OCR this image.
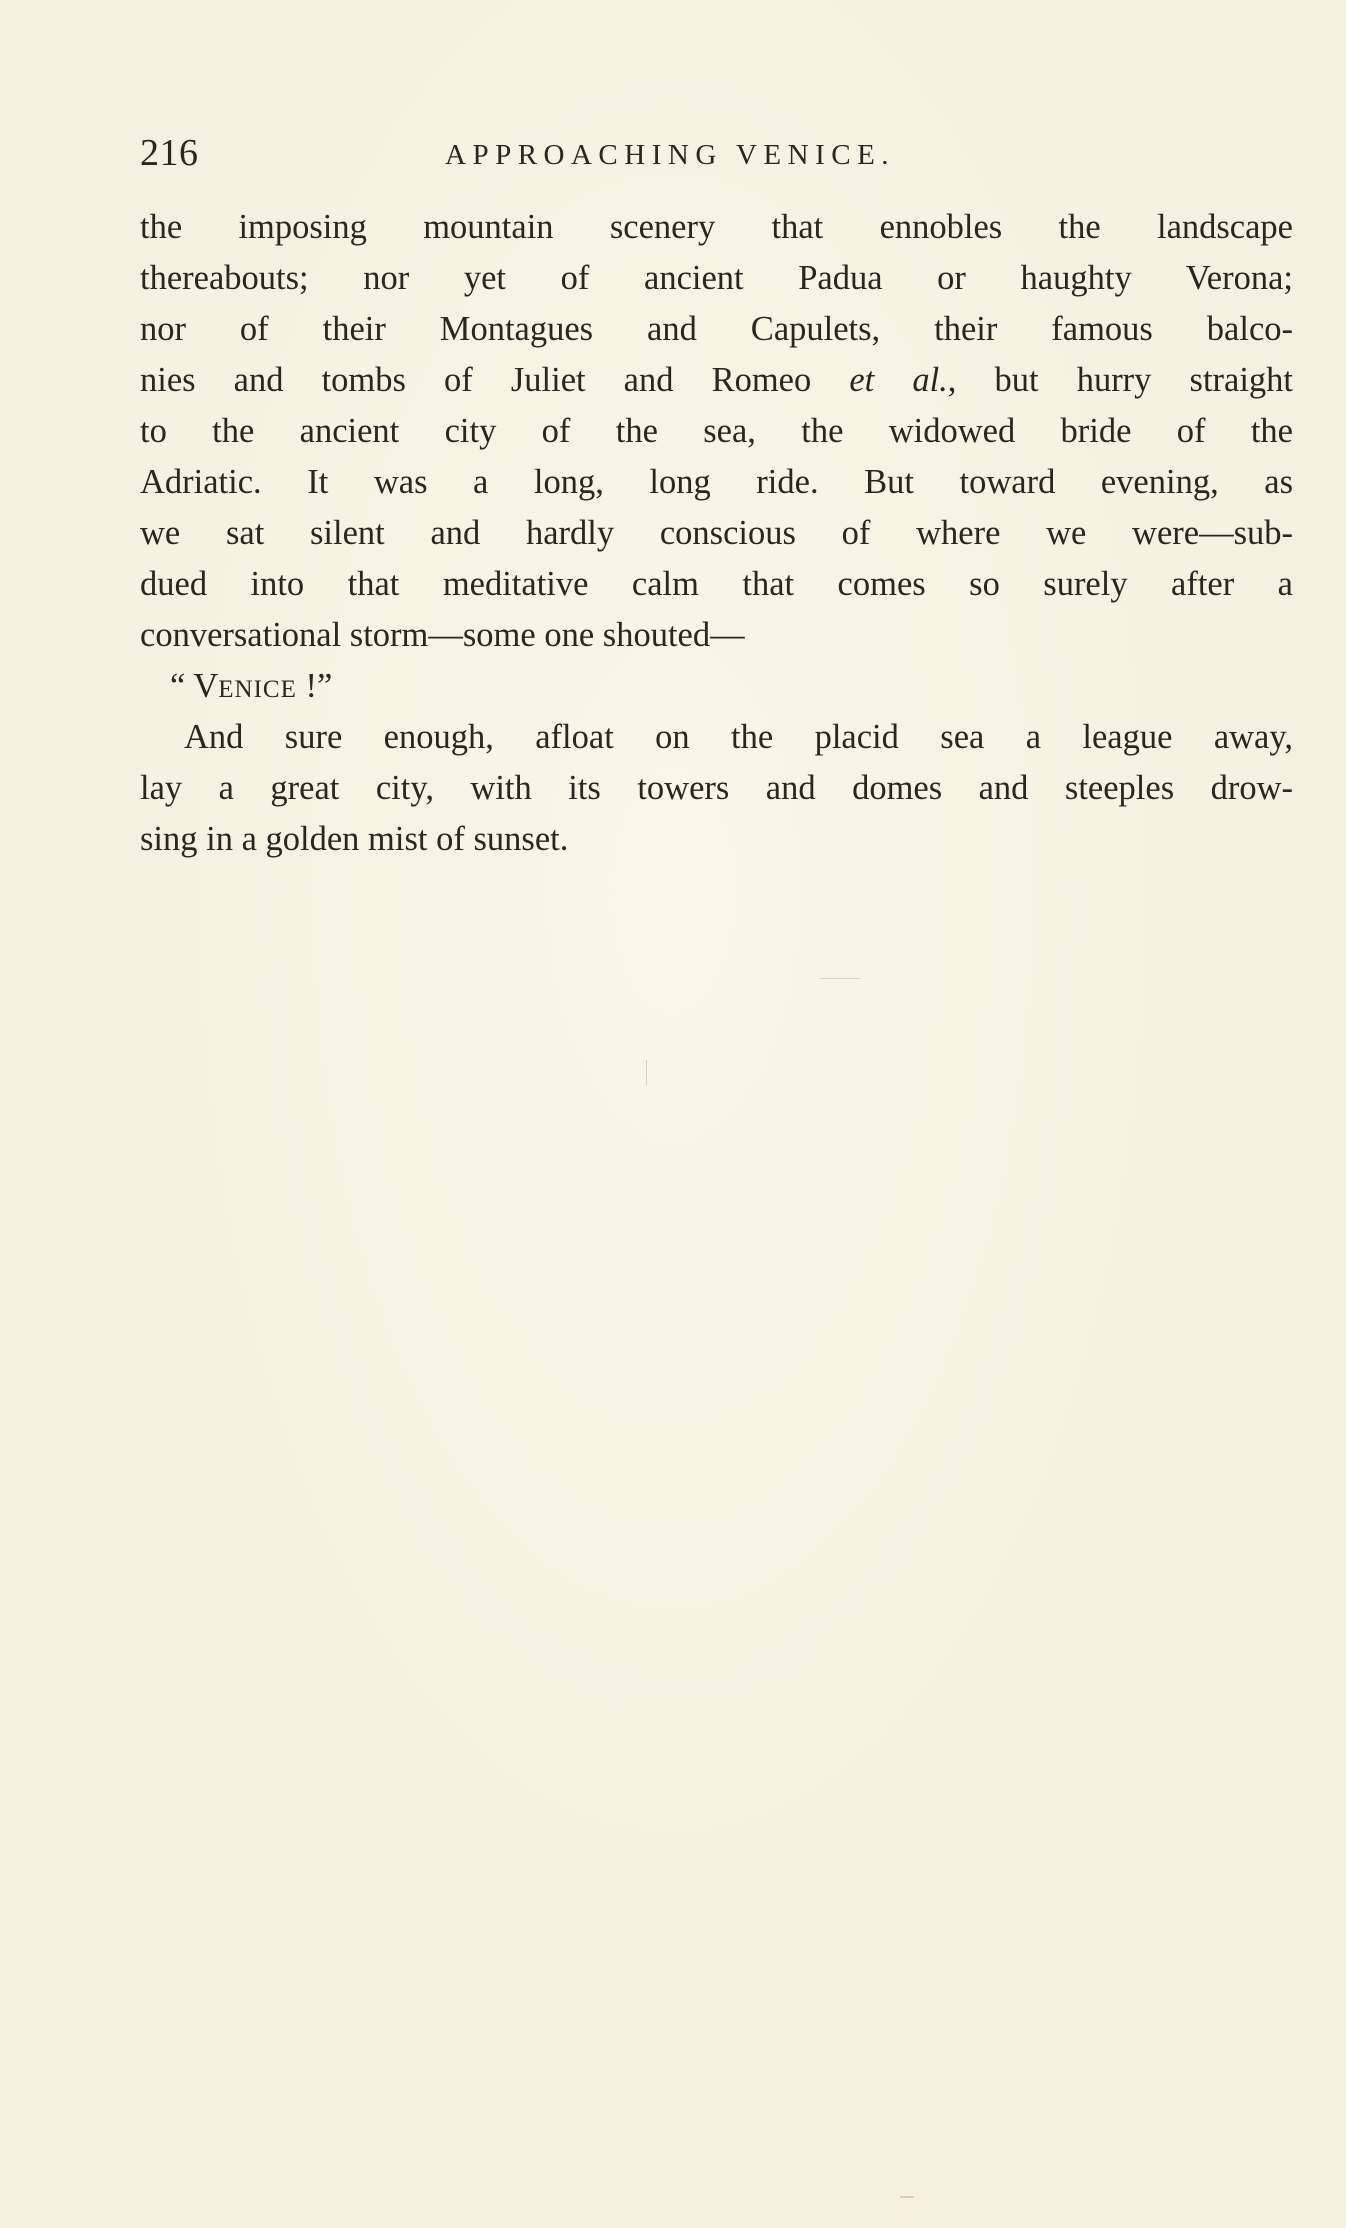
216	APPROACHING VENICE.
the imposing mountain scenery that ennobles the landscape
thereabouts; nor yet of ancient Padua or haughty Verona;
nor of their Montagues and Capulets, their famous balco-
nies and tombs of Juliet and Romeo et al., but hurry straight
to the ancient city of the sea, the widowed bride of the
Adriatic. It was a long, long ride. But toward evening, as
we sat silent and hardly conscious of where we were—sub-
dued into that meditative calm that comes so surely after a
conversational storm—some one shouted—
“ VENICE !”
And sure enough, afloat on the placid sea a league away,
lay a great city, with its towers and domes and steeples drow-
sing in a golden mist of sunset.
